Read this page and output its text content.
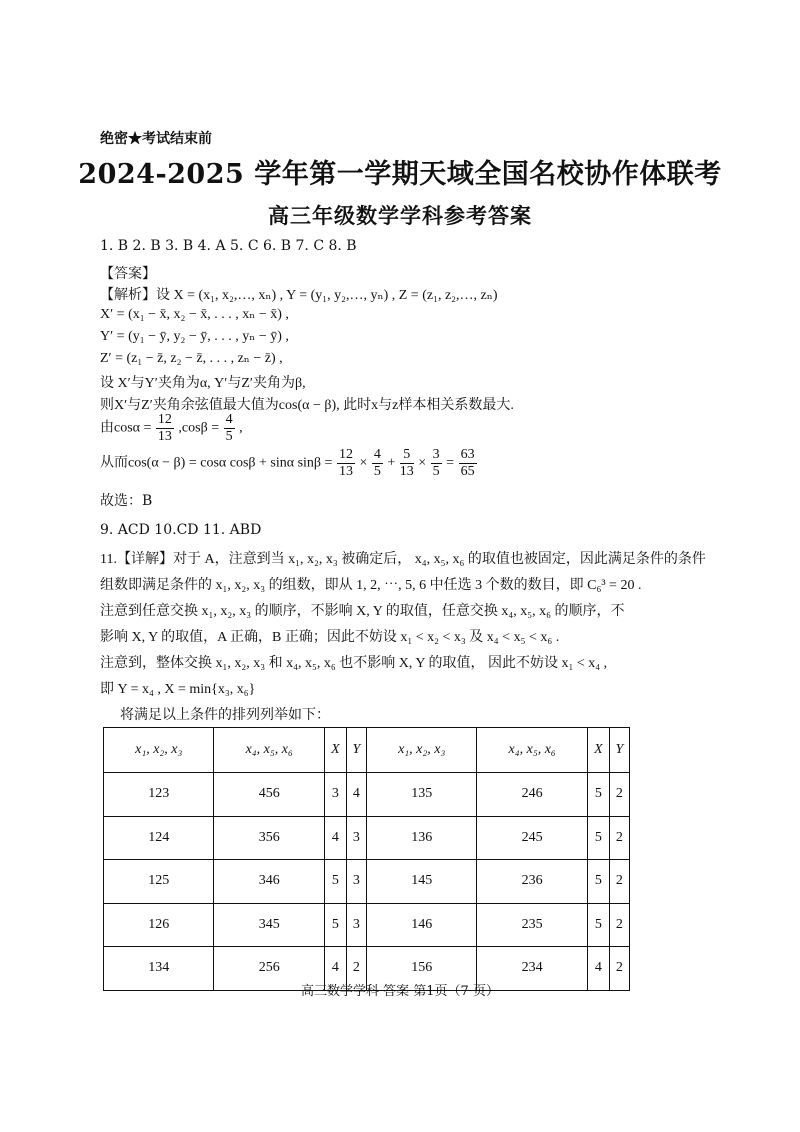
绝密★考试结束前
2024-2025 学年第一学期天域全国名校协作体联考
高三年级数学学科参考答案
1. B 2. B 3. B 4. A 5. C 6. B 7. C 8. B
【答案】
【解析】设 X = (x₁, x₂,…, xₙ) , Y = (y₁, y₂,…, yₙ) , Z = (z₁, z₂,…, zₙ)
X′ = (x₁ − x̄, x₂ − x̄, . . . , xₙ − x̄) ,
Y′ = (y₁ − ȳ, y₂ − ȳ, . . . , yₙ − ȳ) ,
Z′ = (z₁ − z̄, z₂ − z̄, . . . , zₙ − z̄) ,
设 X′与Y′夹角为α, Y′与Z′夹角为β,
则X′与Z′夹角余弦值最大值为cos(α − β), 此时x与z样本相关系数最大.
由$\cos\alpha = \frac{12}{13} ,\cos\beta = \frac{4}{5}$ ,
从而cos(α − β) = cosα cosβ + sinα $\sin\beta = \frac{12}{13} \times \frac{4}{5} + \frac{5}{13} \times \frac{3}{5} = \frac{63}{65}$
故选：B
9. ACD 10.CD 11. ABD
11.【详解】对于 A，注意到当 x₁, x₂, x₃ 被确定后， x₄, x₅, x₆ 的取值也被固定，因此满足条件的条件
组数即满足条件的 x₁, x₂, x₃ 的组数，即从 1, 2, ⋯, 5, 6 中任选 3 个数的数目，即 C₆³ = 20 .
注意到任意交换 x₁, x₂, x₃ 的顺序，不影响 X, Y 的取值，任意交换 x₄, x₅, x₆ 的顺序，不
影响 X, Y 的取值，A 正确，B 正确；因此不妨设 x₁ < x₂ < x₃ 及 x₄ < x₅ < x₆ .
注意到，整体交换 x₁, x₂, x₃ 和 x₄, x₅, x₆ 也不影响 X, Y 的取值， 因此不妨设 x₁ < x₄ ,
即 Y = x₄ , X = min{x₃, x₆}
将满足以上条件的排列列举如下：
x₁, x₂, x₃	x₄, x₅, x₆	X	Y	x₁, x₂, x₃	x₄, x₅, x₆	X	Y
123	456	3	4	135	246	5	2
124	356	4	3	136	245	5	2
125	346	5	3	145	236	5	2
126	345	5	3	146	235	5	2
134	256	4	2	156	234	4	2
高三数学学科 答案 第1页（7 页）
